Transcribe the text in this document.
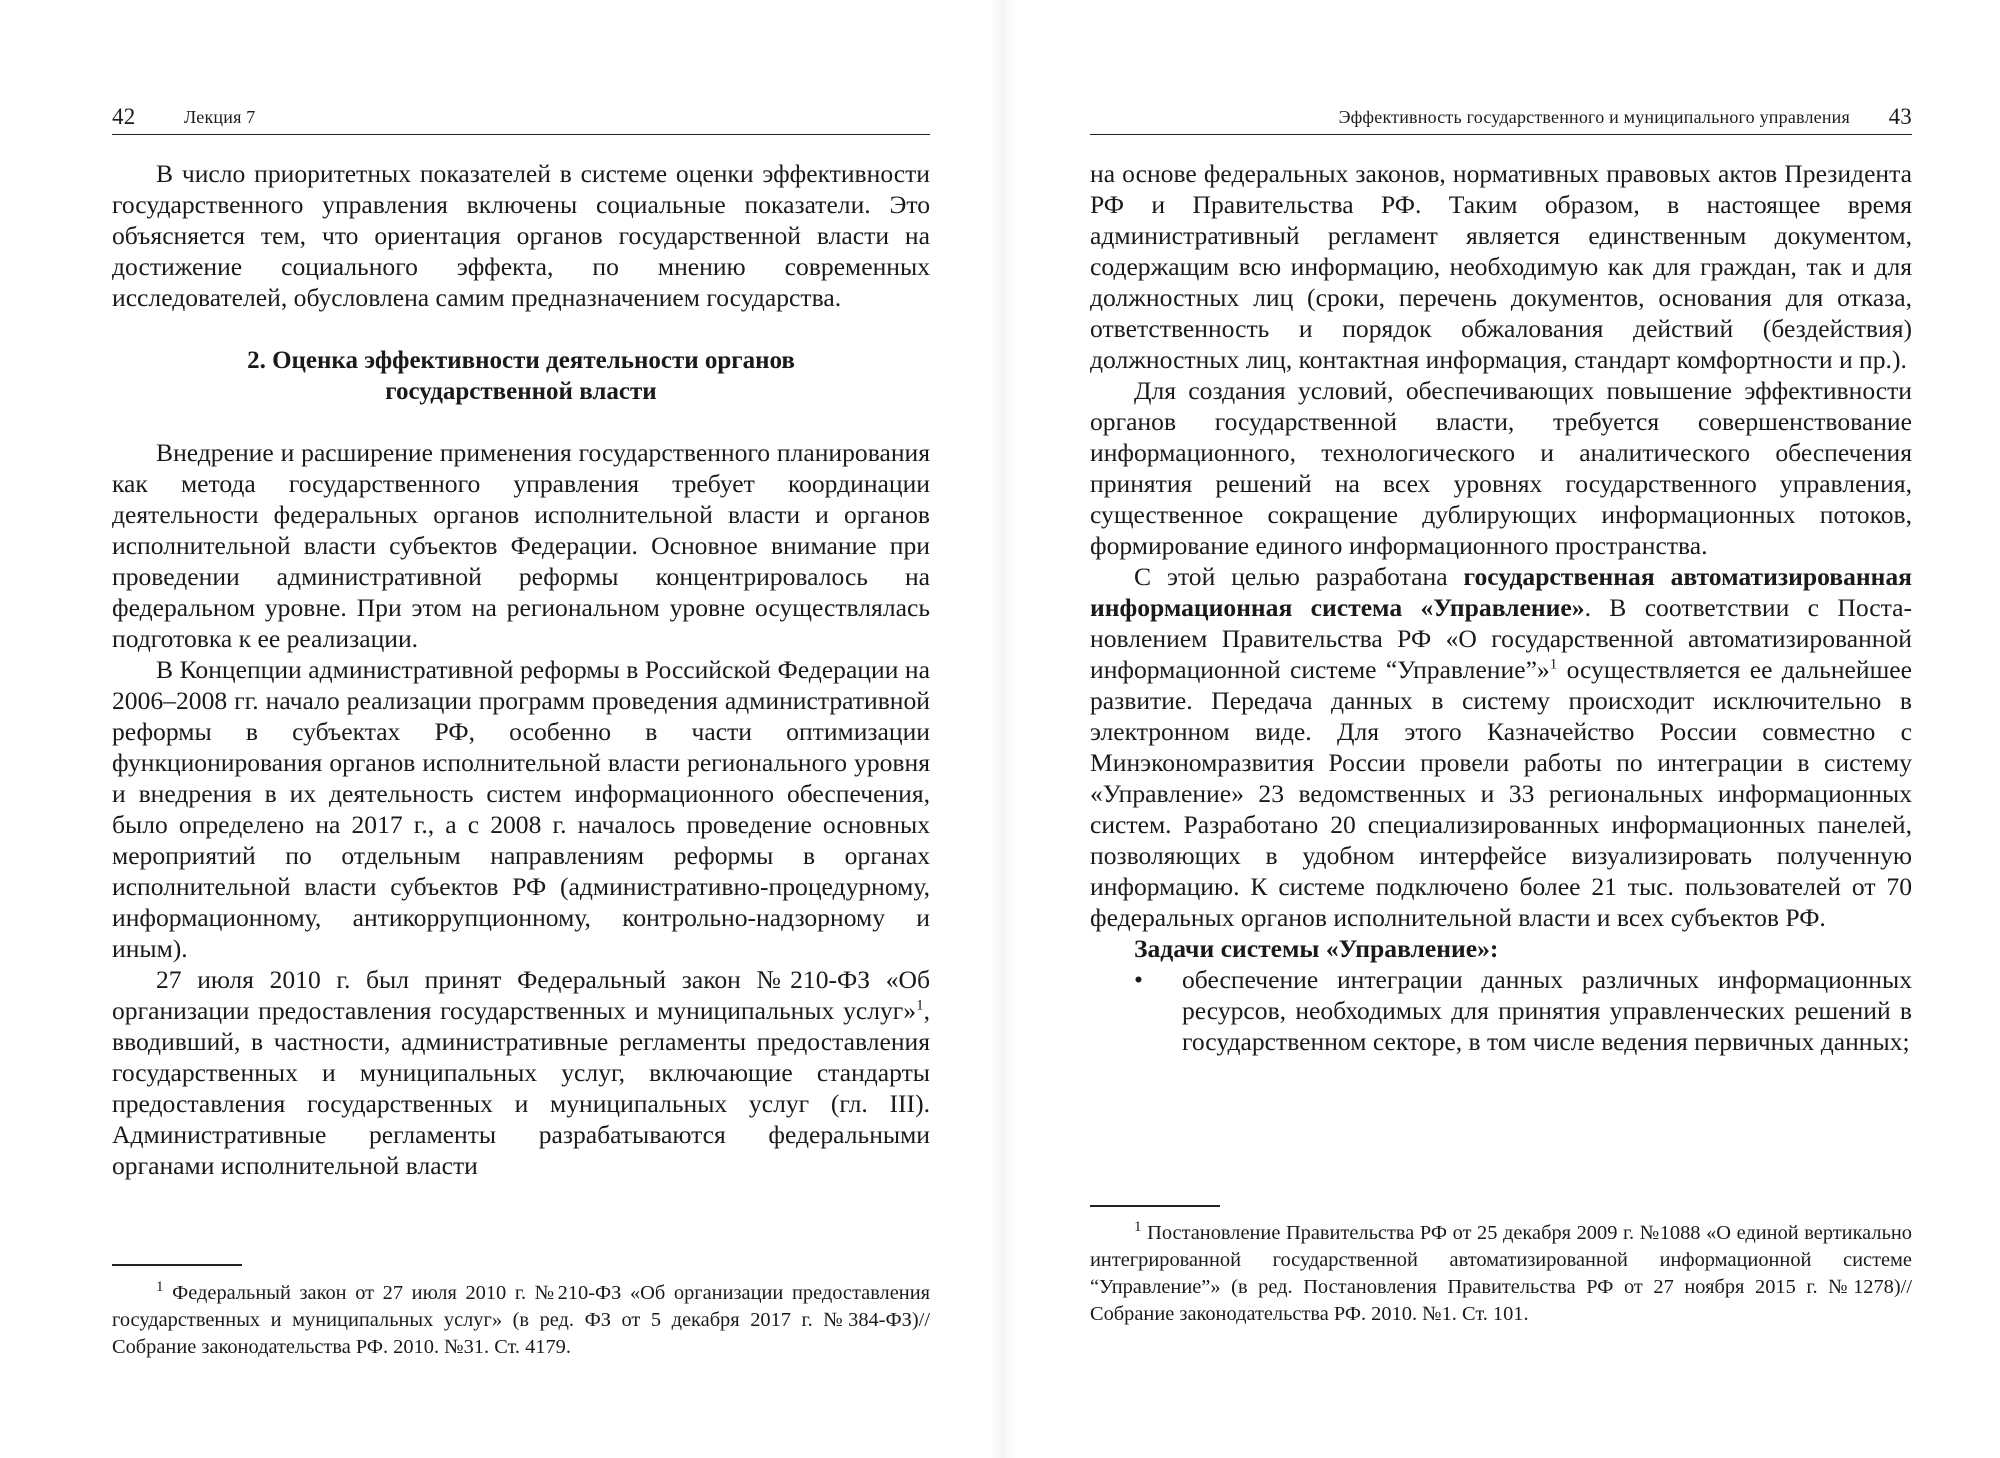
42	Лекция 7

В число приоритетных показателей в системе оценки эффективности государственного управления включены социальные показатели. Это объясняется тем, что ориентация органов государственной власти на достижение социального эффекта, по мнению современных исследователей, обусловлена самим предназначением государства.

2. Оценка эффективности деятельности органов
государственной власти

Внедрение и расширение применения государственного планирования как метода государственного управления требует координации деятельности федеральных органов исполнительной власти и органов исполнительной власти субъектов Федерации. Основное внимание при проведении административной реформы концентрировалось на федеральном уровне. При этом на региональном уровне осуществлялась подготовка к ее реализации.

В Концепции административной реформы в Российской Федерации на 2006–2008 гг. начало реализации программ проведения административной реформы в субъектах РФ, особенно в части оптимизации функционирования органов исполнительной власти регионального уровня и внедрения в их деятельность систем информационного обеспечения, было определено на 2017 г., а с 2008 г. началось проведение основных мероприятий по отдельным направлениям реформы в органах исполнительной власти субъектов РФ (административно-процедурному, информационному, антикоррупционному, контрольно-надзорному и иным).

27 июля 2010 г. был принят Федеральный закон №210-ФЗ «Об организации предоставления государственных и муниципальных услуг»$^1$, вводивший, в частности, административные регламенты предоставления государственных и муниципальных услуг, включающие стандарты предоставления государственных и муниципальных услуг (гл. III). Административные регламенты разрабатываются федеральными органами исполнительной власти

$^1$ Федеральный закон от 27 июля 2010 г. №210-ФЗ «Об организации предоставления государственных и муниципальных услуг» (в ред. ФЗ от 5 декабря 2017 г. №384-ФЗ)//Собрание законодательства РФ. 2010. №31. Ст. 4179.

Эффективность государственного и муниципального управления 43

на основе федеральных законов, нормативных правовых актов Президента РФ и Правительства РФ. Таким образом, в настоящее время административный регламент является единственным документом, содержащим всю информацию, необходимую как для граждан, так и для должностных лиц (сроки, перечень документов, основания для отказа, ответственность и порядок обжалования действий (бездействия) должностных лиц, контактная информация, стандарт комфортности и пр.).

Для создания условий, обеспечивающих повышение эффективности органов государственной власти, требуется совершенствование информационного, технологического и аналитического обеспечения принятия решений на всех уровнях государственного управления, существенное сокращение дублирующих информационных потоков, формирование единого информационного пространства.

С этой целью разработана государственная автоматизированная информационная система «Управление». В соответствии с Постановлением Правительства РФ «О государственной автоматизированной информационной системе “Управление”»$^1$ осуществляется ее дальнейшее развитие. Передача данных в систему происходит исключительно в электронном виде. Для этого Казначейство России совместно с Минэкономразвития России провели работы по интеграции в систему «Управление» 23 ведомственных и 33 региональных информационных систем. Разработано 20 специализированных информационных панелей, позволяющих в удобном интерфейсе визуализировать полученную информацию. К системе подключено более 21 тыс. пользователей от 70 федеральных органов исполнительной власти и всех субъектов РФ.

Задачи системы «Управление»:

•	обеспечение интеграции данных различных информационных ресурсов, необходимых для принятия управленческих решений в государственном секторе, в том числе ведения первичных данных;

$^1$ Постановление Правительства РФ от 25 декабря 2009 г. №1088 «О единой вертикально интегрированной государственной автоматизированной информационной системе “Управление”» (в ред. Постановления Правительства РФ от 27 ноября 2015 г. №1278)//Собрание законодательства РФ. 2010. №1. Ст. 101.
